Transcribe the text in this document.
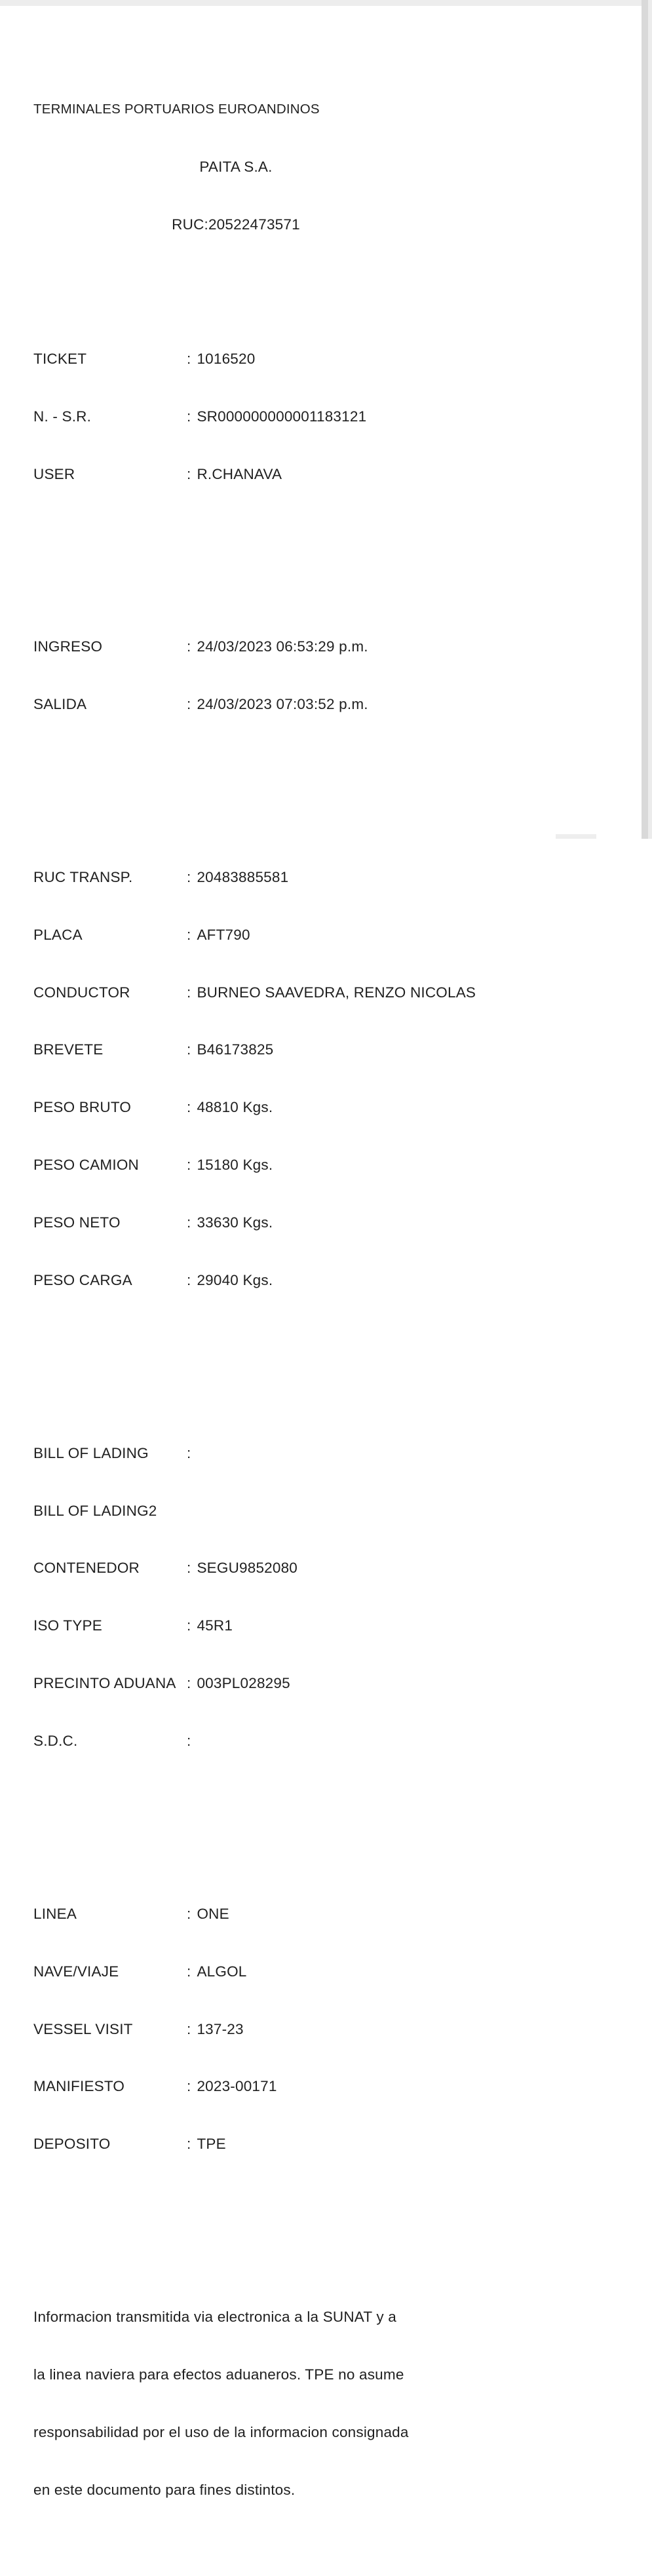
TERMINALES PORTUARIOS EUROANDINOS

PAITA S.A.

RUC:20522473571

TICKET	: 1016520

N. - S.R.	: SR000000000001183121

USER	: R.CHANAVA

INGRESO	: 24/03/2023 06:53:29 p.m.

SALIDA	: 24/03/2023 07:03:52 p.m.

RUC TRANSP.	: 20483885581

PLACA	: AFT790

CONDUCTOR	: BURNEO SAAVEDRA, RENZO NICOLAS

BREVETE	: B46173825

PESO BRUTO	: 48810 Kgs.

PESO CAMION	: 15180 Kgs.

PESO NETO	: 33630 Kgs.

PESO CARGA	: 29040 Kgs.

BILL OF LADING	:

BILL OF LADING2

CONTENEDOR	: SEGU9852080

ISO TYPE	: 45R1

PRECINTO ADUANA : 003PL028295

S.D.C.	:

LINEA	: ONE

NAVE/VIAJE	: ALGOL

VESSEL VISIT	: 137-23

MANIFIESTO	: 2023-00171

DEPOSITO	: TPE

Informacion transmitida via electronica a la SUNAT y a

la linea naviera para efectos aduaneros. TPE no asume

responsabilidad por el uso de la informacion consignada

en este documento para fines distintos.
